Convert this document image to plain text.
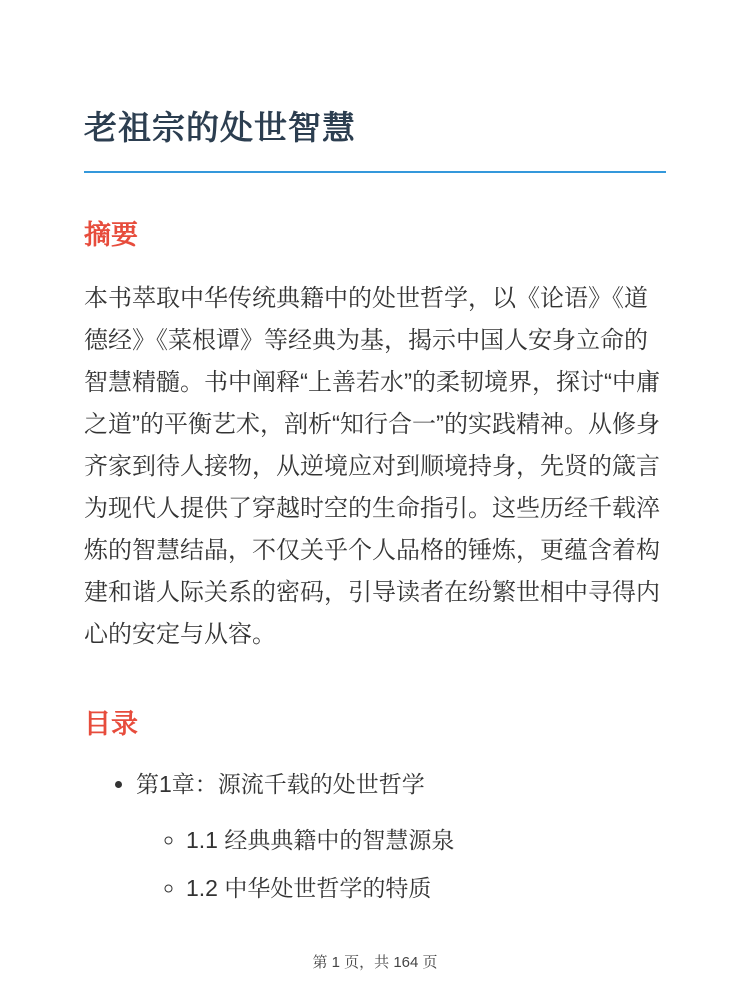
老祖宗的处世智慧
摘要

本书萃取中华传统典籍中的处世哲学，以《论语》《道德经》《菜根谭》等经典为基，揭示中国人安身立命的智慧精髓。书中阐释“上善若水”的柔韧境界，探讨“中庸之道”的平衡艺术，剖析“知行合一”的实践精神。从修身齐家到待人接物，从逆境应对到顺境持身，先贤的箴言为现代人提供了穿越时空的生命指引。这些历经千载淬炼的智慧结晶，不仅关乎个人品格的锤炼，更蕴含着构建和谐人际关系的密码，引导读者在纷繁世相中寻得内心的安定与从容。

目录
• 第1章：源流千载的处世哲学
◦ 1.1 经典典籍中的智慧源泉
◦ 1.2 中华处世哲学的特质
第 1 页，共 164 页
